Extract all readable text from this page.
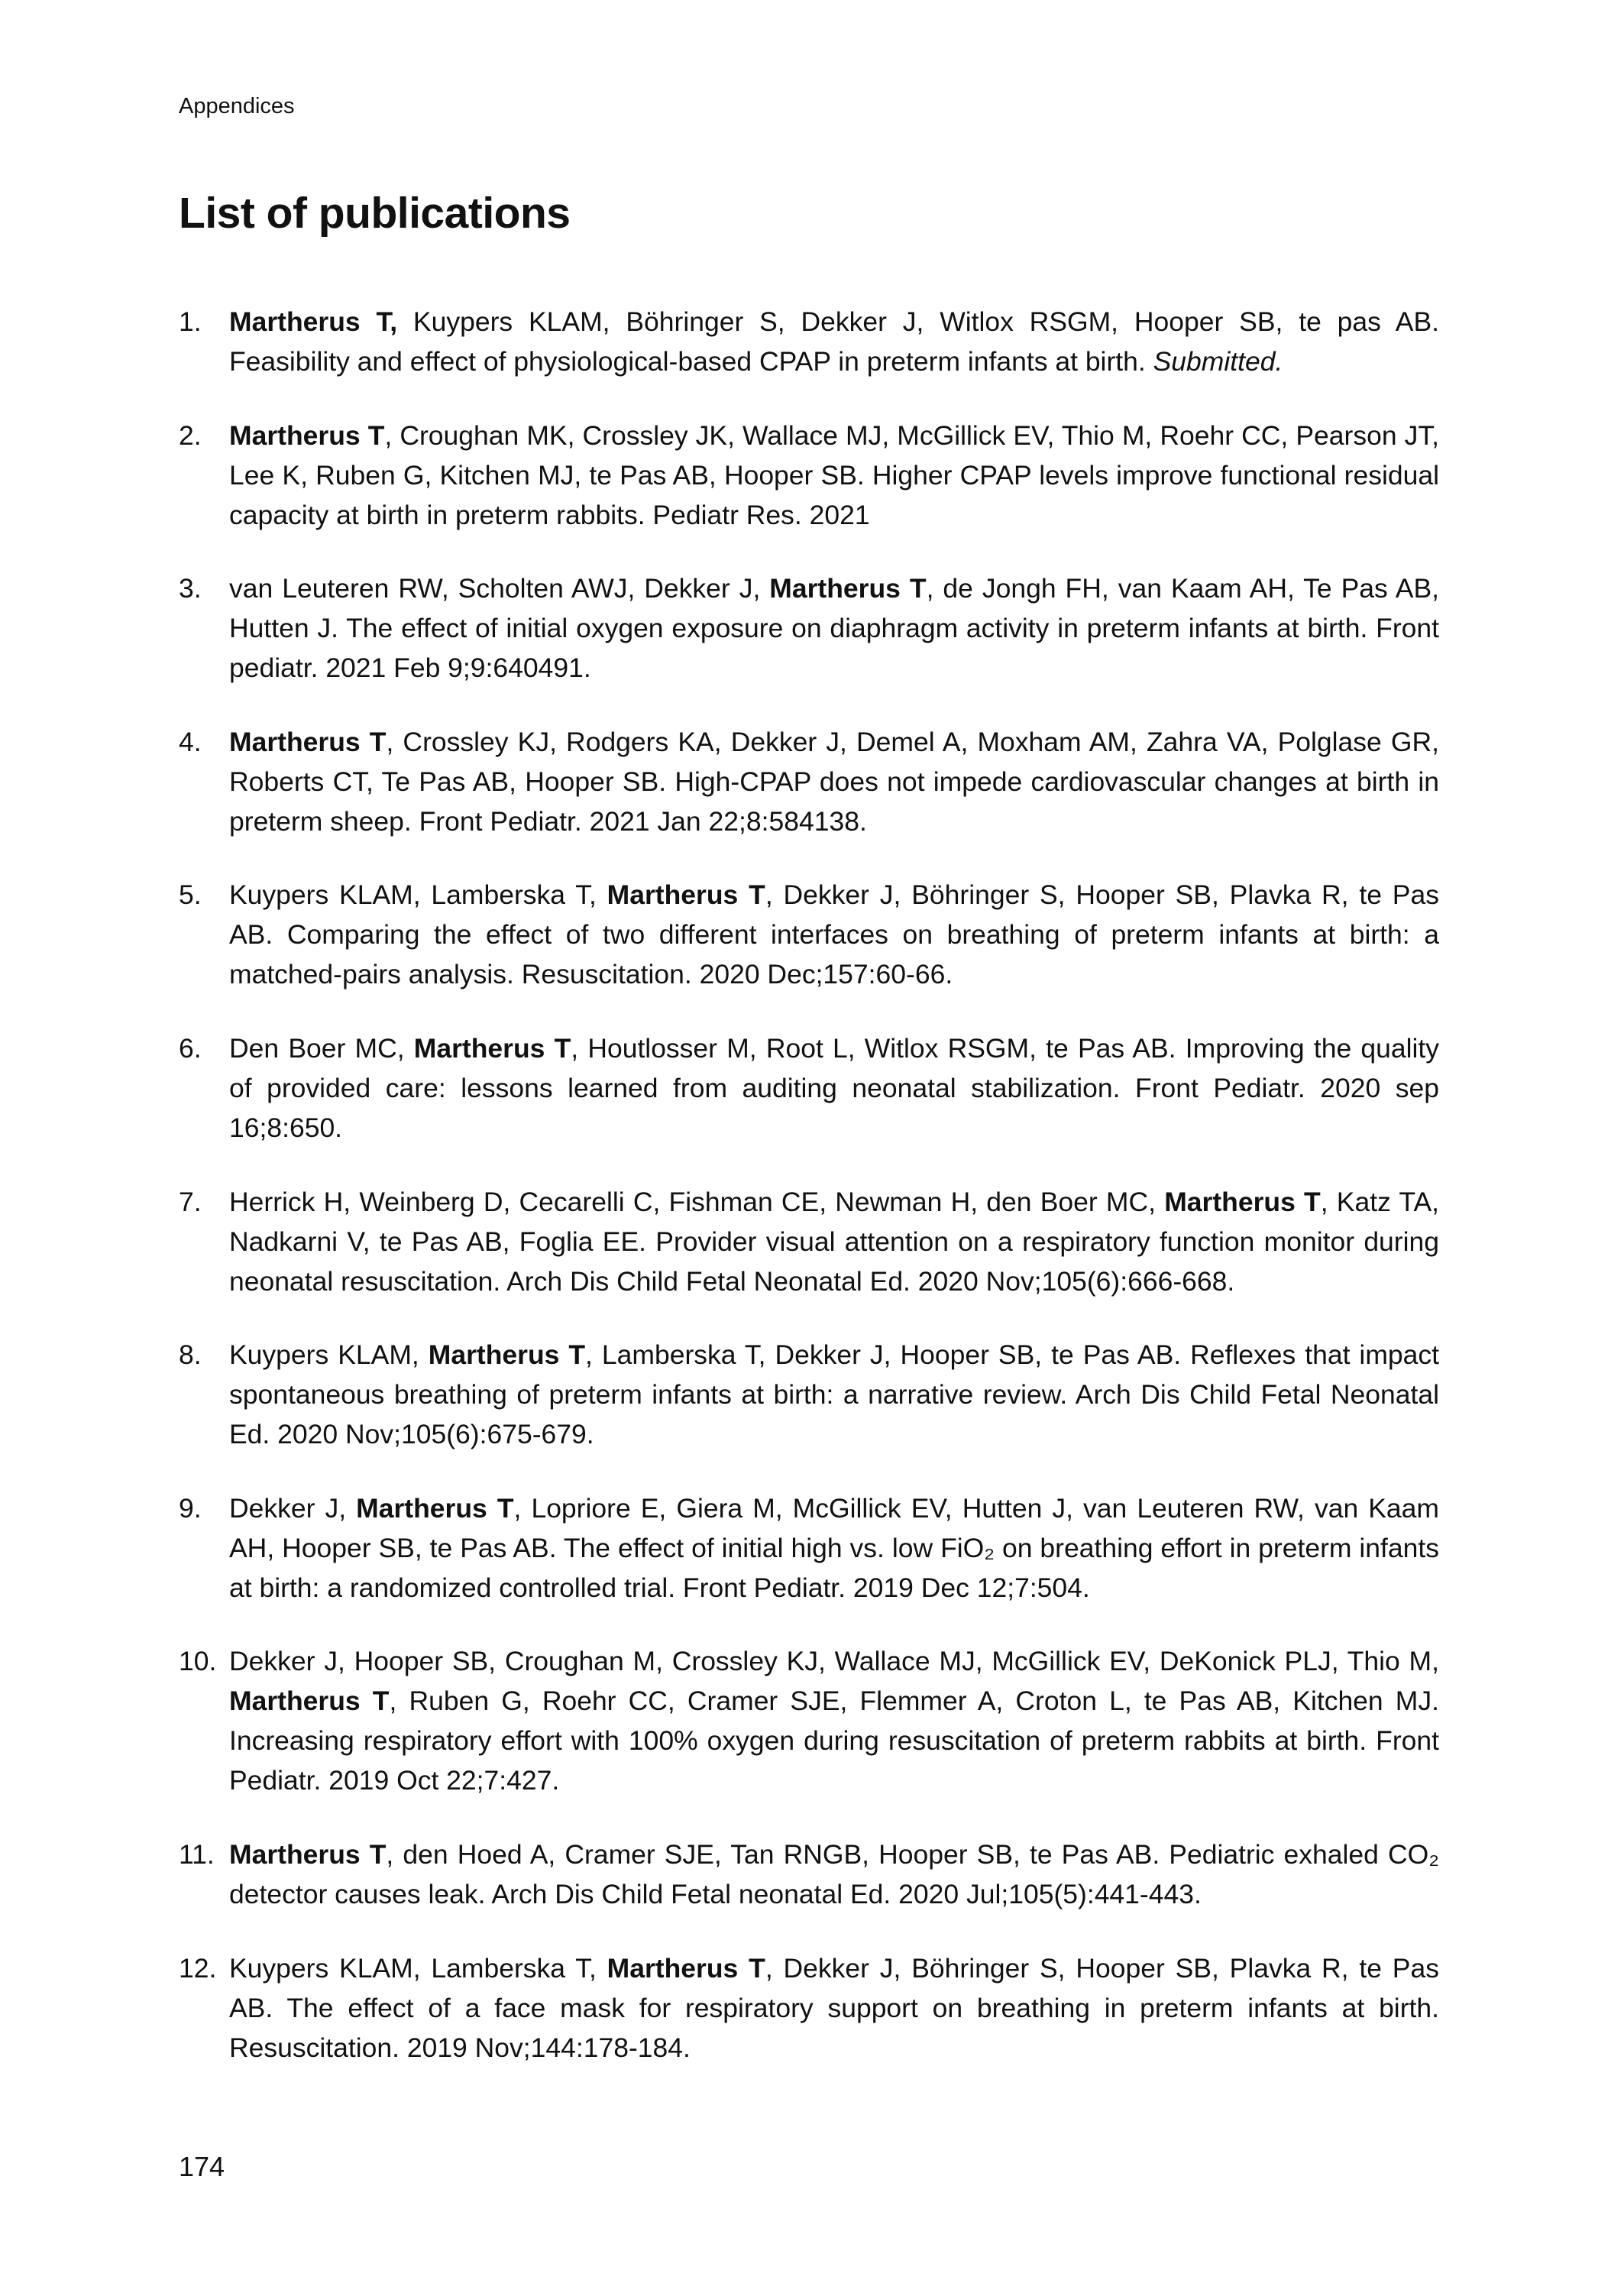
Appendices
List of publications
1. Martherus T, Kuypers KLAM, Böhringer S, Dekker J, Witlox RSGM, Hooper SB, te pas AB. Feasibility and effect of physiological-based CPAP in preterm infants at birth. Submitted.
2. Martherus T, Croughan MK, Crossley JK, Wallace MJ, McGillick EV, Thio M, Roehr CC, Pearson JT, Lee K, Ruben G, Kitchen MJ, te Pas AB, Hooper SB. Higher CPAP levels improve functional residual capacity at birth in preterm rabbits. Pediatr Res. 2021
3. van Leuteren RW, Scholten AWJ, Dekker J, Martherus T, de Jongh FH, van Kaam AH, Te Pas AB, Hutten J. The effect of initial oxygen exposure on diaphragm activity in preterm infants at birth. Front pediatr. 2021 Feb 9;9:640491.
4. Martherus T, Crossley KJ, Rodgers KA, Dekker J, Demel A, Moxham AM, Zahra VA, Polglase GR, Roberts CT, Te Pas AB, Hooper SB. High-CPAP does not impede cardiovascular changes at birth in preterm sheep. Front Pediatr. 2021 Jan 22;8:584138.
5. Kuypers KLAM, Lamberska T, Martherus T, Dekker J, Böhringer S, Hooper SB, Plavka R, te Pas AB. Comparing the effect of two different interfaces on breathing of preterm infants at birth: a matched-pairs analysis. Resuscitation. 2020 Dec;157:60-66.
6. Den Boer MC, Martherus T, Houtlosser M, Root L, Witlox RSGM, te Pas AB. Improving the quality of provided care: lessons learned from auditing neonatal stabilization. Front Pediatr. 2020 sep 16;8:650.
7. Herrick H, Weinberg D, Cecarelli C, Fishman CE, Newman H, den Boer MC, Martherus T, Katz TA, Nadkarni V, te Pas AB, Foglia EE. Provider visual attention on a respiratory function monitor during neonatal resuscitation. Arch Dis Child Fetal Neonatal Ed. 2020 Nov;105(6):666-668.
8. Kuypers KLAM, Martherus T, Lamberska T, Dekker J, Hooper SB, te Pas AB. Reflexes that impact spontaneous breathing of preterm infants at birth: a narrative review. Arch Dis Child Fetal Neonatal Ed. 2020 Nov;105(6):675-679.
9. Dekker J, Martherus T, Lopriore E, Giera M, McGillick EV, Hutten J, van Leuteren RW, van Kaam AH, Hooper SB, te Pas AB. The effect of initial high vs. low FiO₂ on breathing effort in preterm infants at birth: a randomized controlled trial. Front Pediatr. 2019 Dec 12;7:504.
10. Dekker J, Hooper SB, Croughan M, Crossley KJ, Wallace MJ, McGillick EV, DeKonick PLJ, Thio M, Martherus T, Ruben G, Roehr CC, Cramer SJE, Flemmer A, Croton L, te Pas AB, Kitchen MJ. Increasing respiratory effort with 100% oxygen during resuscitation of preterm rabbits at birth. Front Pediatr. 2019 Oct 22;7:427.
11. Martherus T, den Hoed A, Cramer SJE, Tan RNGB, Hooper SB, te Pas AB. Pediatric exhaled CO₂ detector causes leak. Arch Dis Child Fetal neonatal Ed. 2020 Jul;105(5):441-443.
12. Kuypers KLAM, Lamberska T, Martherus T, Dekker J, Böhringer S, Hooper SB, Plavka R, te Pas AB. The effect of a face mask for respiratory support on breathing in preterm infants at birth. Resuscitation. 2019 Nov;144:178-184.
174
